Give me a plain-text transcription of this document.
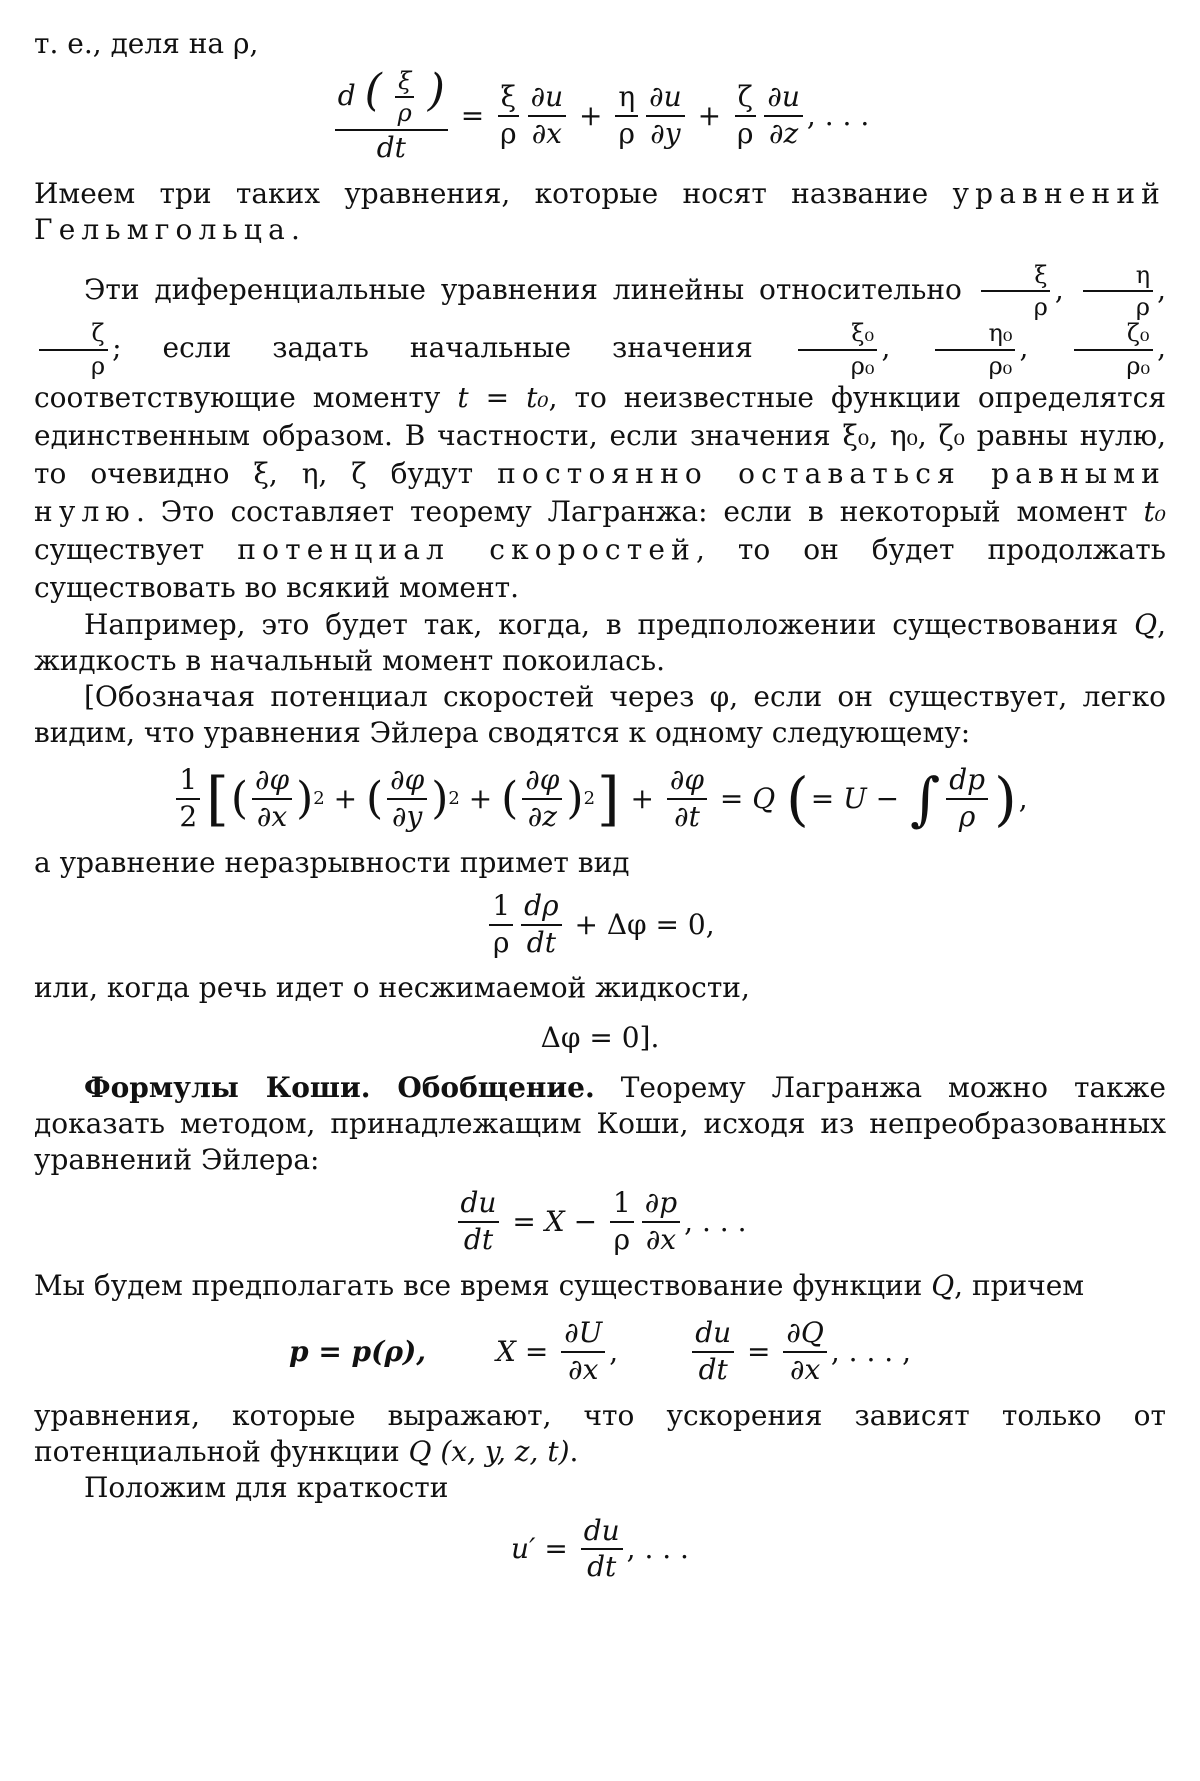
т. е., деля на ρ,

d ( $\frac{\xi}{\rho}$ )
dt
= $\frac{\xi}{\rho} \frac{\partial u}{\partial x} + \frac{\eta}{\rho} \frac{\partial u}{\partial y} + \frac{\zeta}{\rho} \frac{\partial u}{\partial z}$ , . . .

Имеем три таких уравнения, которые носят название уравнений Гельмгольца.

Эти диференциальные уравнения линейны относительно $\frac{\xi}{\rho}$ , $\frac{\eta}{\rho}$ ,
$\frac{\zeta}{\rho}$ ; если задать начальные значения $\frac{\text{ξ₀}}{\text{ρ₀}}$ , $\frac{\text{η₀}}{\text{ρ₀}}$ , $\frac{\text{ζ₀}}{\text{ρ₀}}$ , соответствующие моменту t = t₀, то неизвестные функции определятся единственным образом. В частности, если значения ξ₀, η₀, ζ₀ равны нулю, то очевидно ξ, η, ζ будут постоянно оставаться равными нулю. Это составляет теорему Лагранжа: если в некоторый момент t₀ существует потенциал скоростей, то он будет продолжать существовать во всякий момент.

Например, это будет так, когда, в предположении существования Q, жидкость в начальный момент покоилась.

[Обозначая потенциал скоростей через φ, если он существует, легко видим, что уравнения Эйлера сводятся к одному следующему:

$\frac{1}{2}$ [ ( $\frac{\partial\varphi}{\partial x}$ ) 2 + ( $\frac{\partial\varphi}{\partial y}$ ) 2 + ( $\frac{\partial\varphi}{\partial z}$ ) 2 ] + $\frac{\partial\varphi}{\partial t} = Q$ ( = U − ∫ $\frac{dp}{\rho}$ ) ,

а уравнение неразрывности примет вид

$\frac{1}{\rho} \frac{d\rho}{dt} + \Delta\varphi = 0$,

или, когда речь идет о несжимаемой жидкости,

Δφ = 0].

Формулы Коши. Обобщение. Теорему Лагранжа можно также доказать методом, принадлежащим Коши, исходя из непреобразованных уравнений Эйлера:

$\frac{du}{dt} = X - \frac{1}{\rho} \frac{\partial p}{\partial x}$ , . . .

Мы будем предполагать все время существование функции Q, причем

p = p(ρ),	$X = \frac{\partial U}{\partial x}$ ,	$\frac{du}{dt} = \frac{\partial Q}{\partial x}$ , . . . ,

уравнения, которые выражают, что ускорения зависят только от потенциальной функции Q (x, y, z, t).

Положим для краткости

$u' = \frac{du}{dt}$ , . . .
